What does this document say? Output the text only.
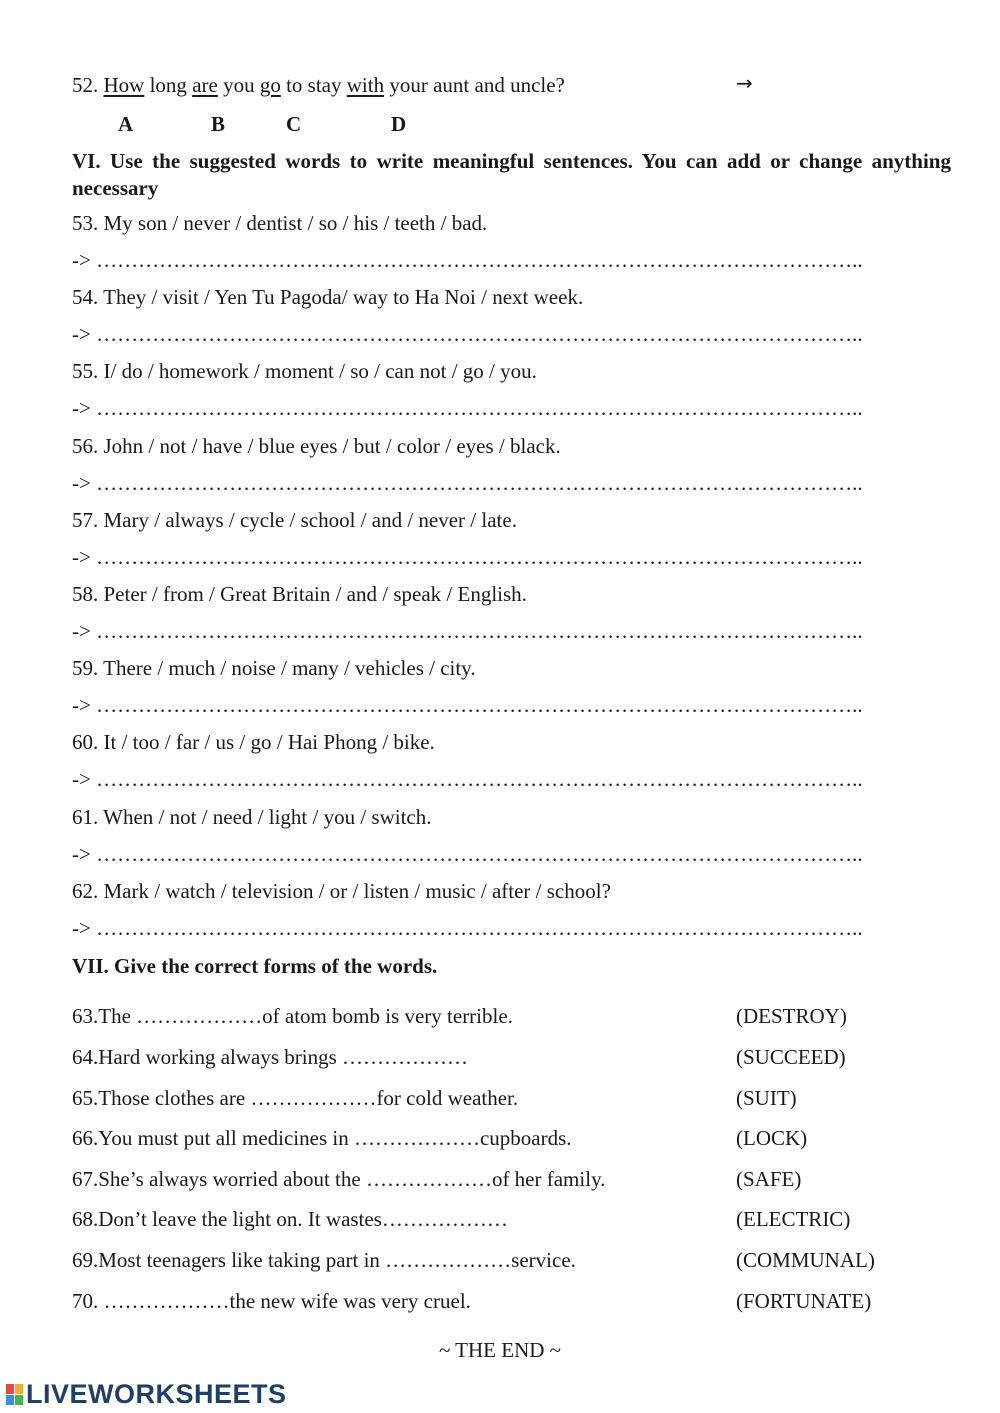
52. How long are you go to stay with your aunt and uncle?	→
A	B	C	D
VI. Use the suggested words to write meaningful sentences. You can add or change anything necessary
53. My son / never / dentist / so / his / teeth / bad.
-> ………………………………………………………………………………………………..
54. They / visit / Yen Tu Pagoda/ way to Ha Noi / next week.
-> ………………………………………………………………………………………………..
55. I/ do / homework / moment / so / can not / go / you.
-> ………………………………………………………………………………………………..
56. John / not / have / blue eyes / but / color / eyes / black.
-> ………………………………………………………………………………………………..
57. Mary / always / cycle / school / and / never / late.
-> ………………………………………………………………………………………………..
58. Peter / from / Great Britain / and / speak / English.
-> ………………………………………………………………………………………………..
59. There / much / noise / many / vehicles / city.
-> ………………………………………………………………………………………………..
60. It / too / far / us / go / Hai Phong / bike.
-> ………………………………………………………………………………………………..
61. When / not / need / light / you / switch.
-> ………………………………………………………………………………………………..
62. Mark / watch / television / or / listen / music / after / school?
-> ………………………………………………………………………………………………..
VII. Give the correct forms of the words.
63.The ………………of atom bomb is very terrible.	(DESTROY)
64.Hard working always brings ………………	(SUCCEED)
65.Those clothes are ………………for cold weather.	(SUIT)
66.You must put all medicines in ………………cupboards.	(LOCK)
67.She’s always worried about the ………………of her family.	(SAFE)
68.Don’t leave the light on. It wastes………………	(ELECTRIC)
69.Most teenagers like taking part in ………………service.	(COMMUNAL)
70. ………………the new wife was very cruel.	(FORTUNATE)
~ THE END ~
LIVEWORKSHEETS
